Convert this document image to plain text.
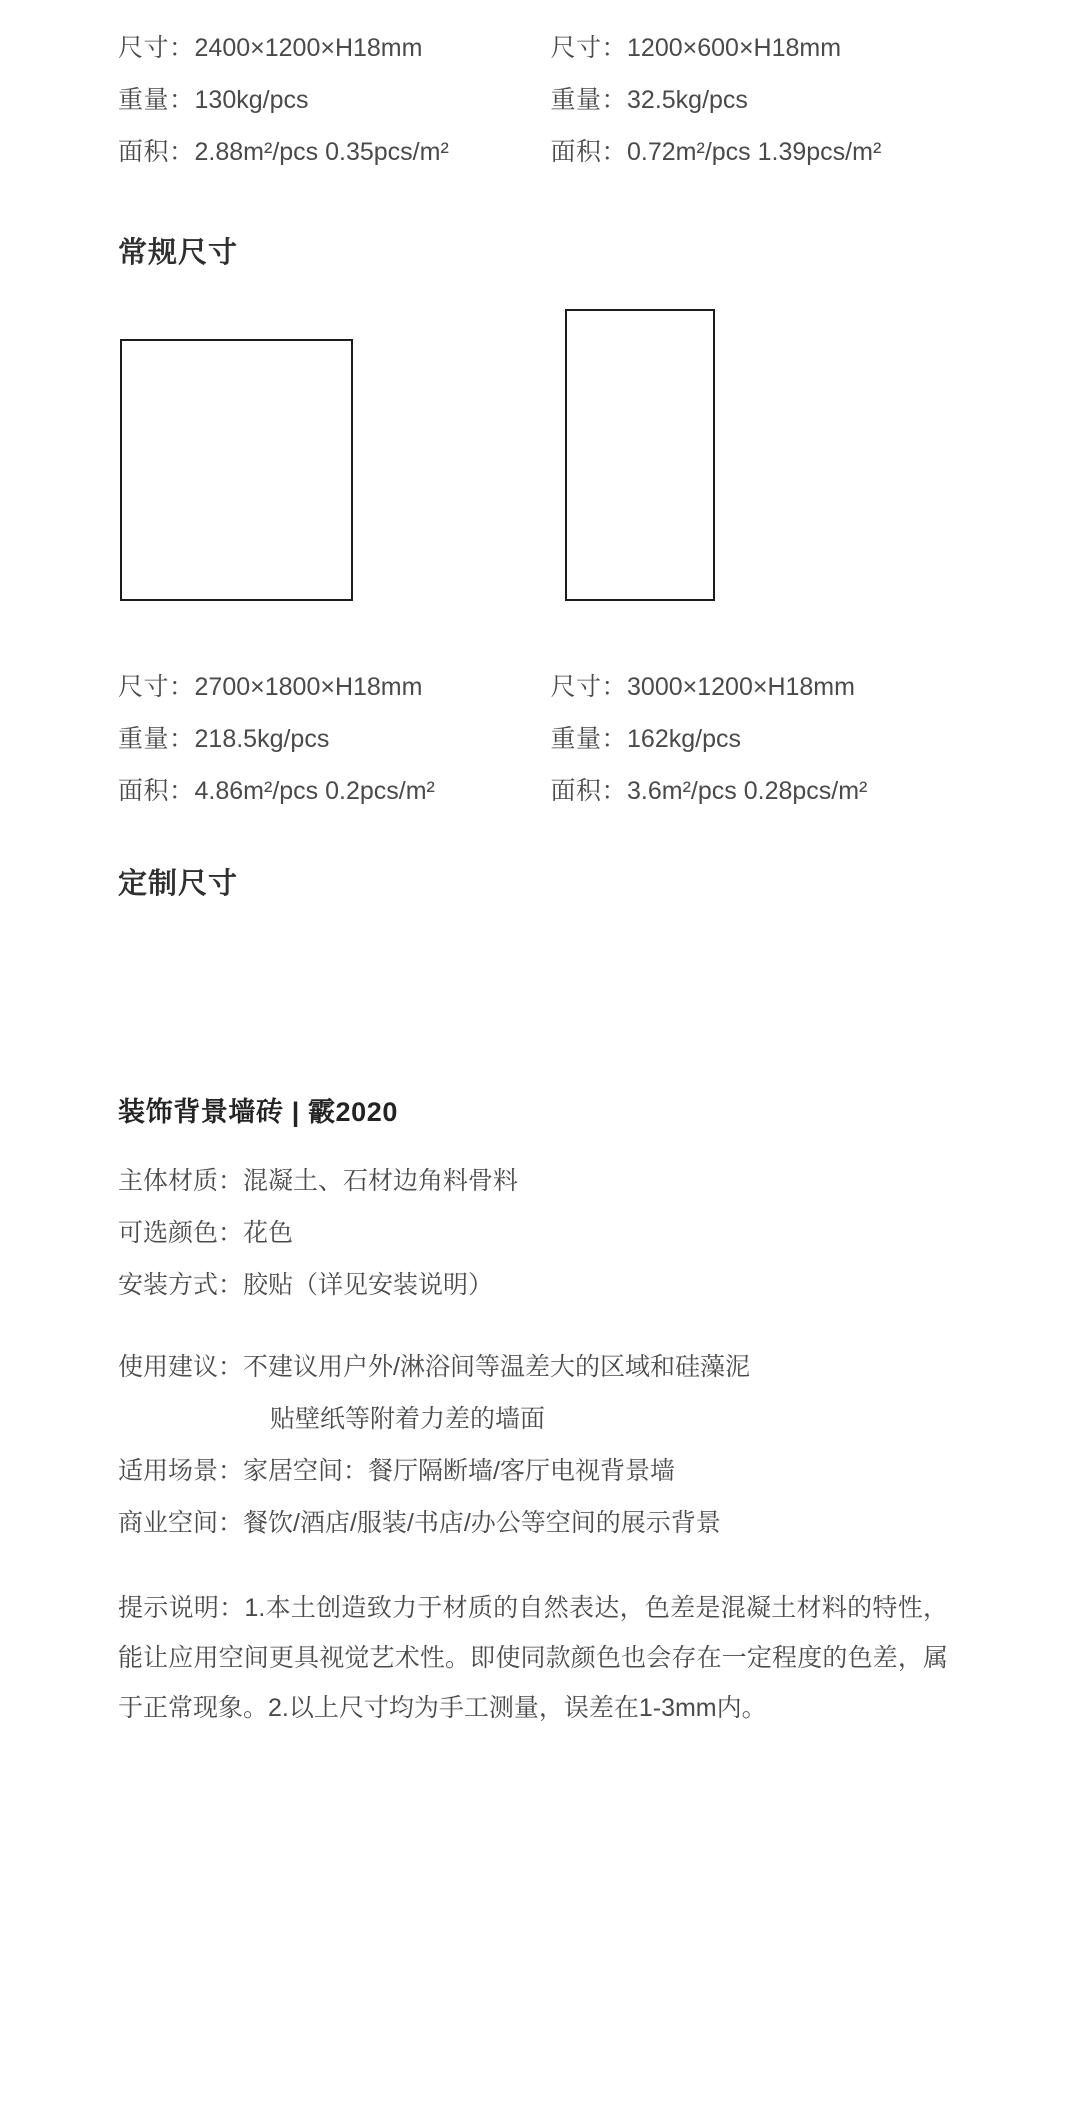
尺寸：2400×1200×H18mm
重量：130kg/pcs
面积：2.88m²/pcs 0.35pcs/m²
尺寸：1200×600×H18mm
重量：32.5kg/pcs
面积：0.72m²/pcs 1.39pcs/m²
常规尺寸
尺寸：2700×1800×H18mm
重量：218.5kg/pcs
面积：4.86m²/pcs 0.2pcs/m²
尺寸：3000×1200×H18mm
重量：162kg/pcs
面积：3.6m²/pcs 0.28pcs/m²
定制尺寸
装饰背景墙砖 | 霰2020
主体材质：混凝土、石材边角料骨料
可选颜色：花色
安装方式：胶贴（详见安装说明）
使用建议：不建议用户外/淋浴间等温差大的区域和硅藻泥
贴壁纸等附着力差的墙面
适用场景：家居空间：餐厅隔断墙/客厅电视背景墙
商业空间：餐饮/酒店/服装/书店/办公等空间的展示背景
提示说明：1.本土创造致力于材质的自然表达，色差是混凝土材料的特性，能让应用空间更具视觉艺术性。即使同款颜色也会存在一定程度的色差，属于正常现象。2.以上尺寸均为手工测量，误差在1-3mm内。
